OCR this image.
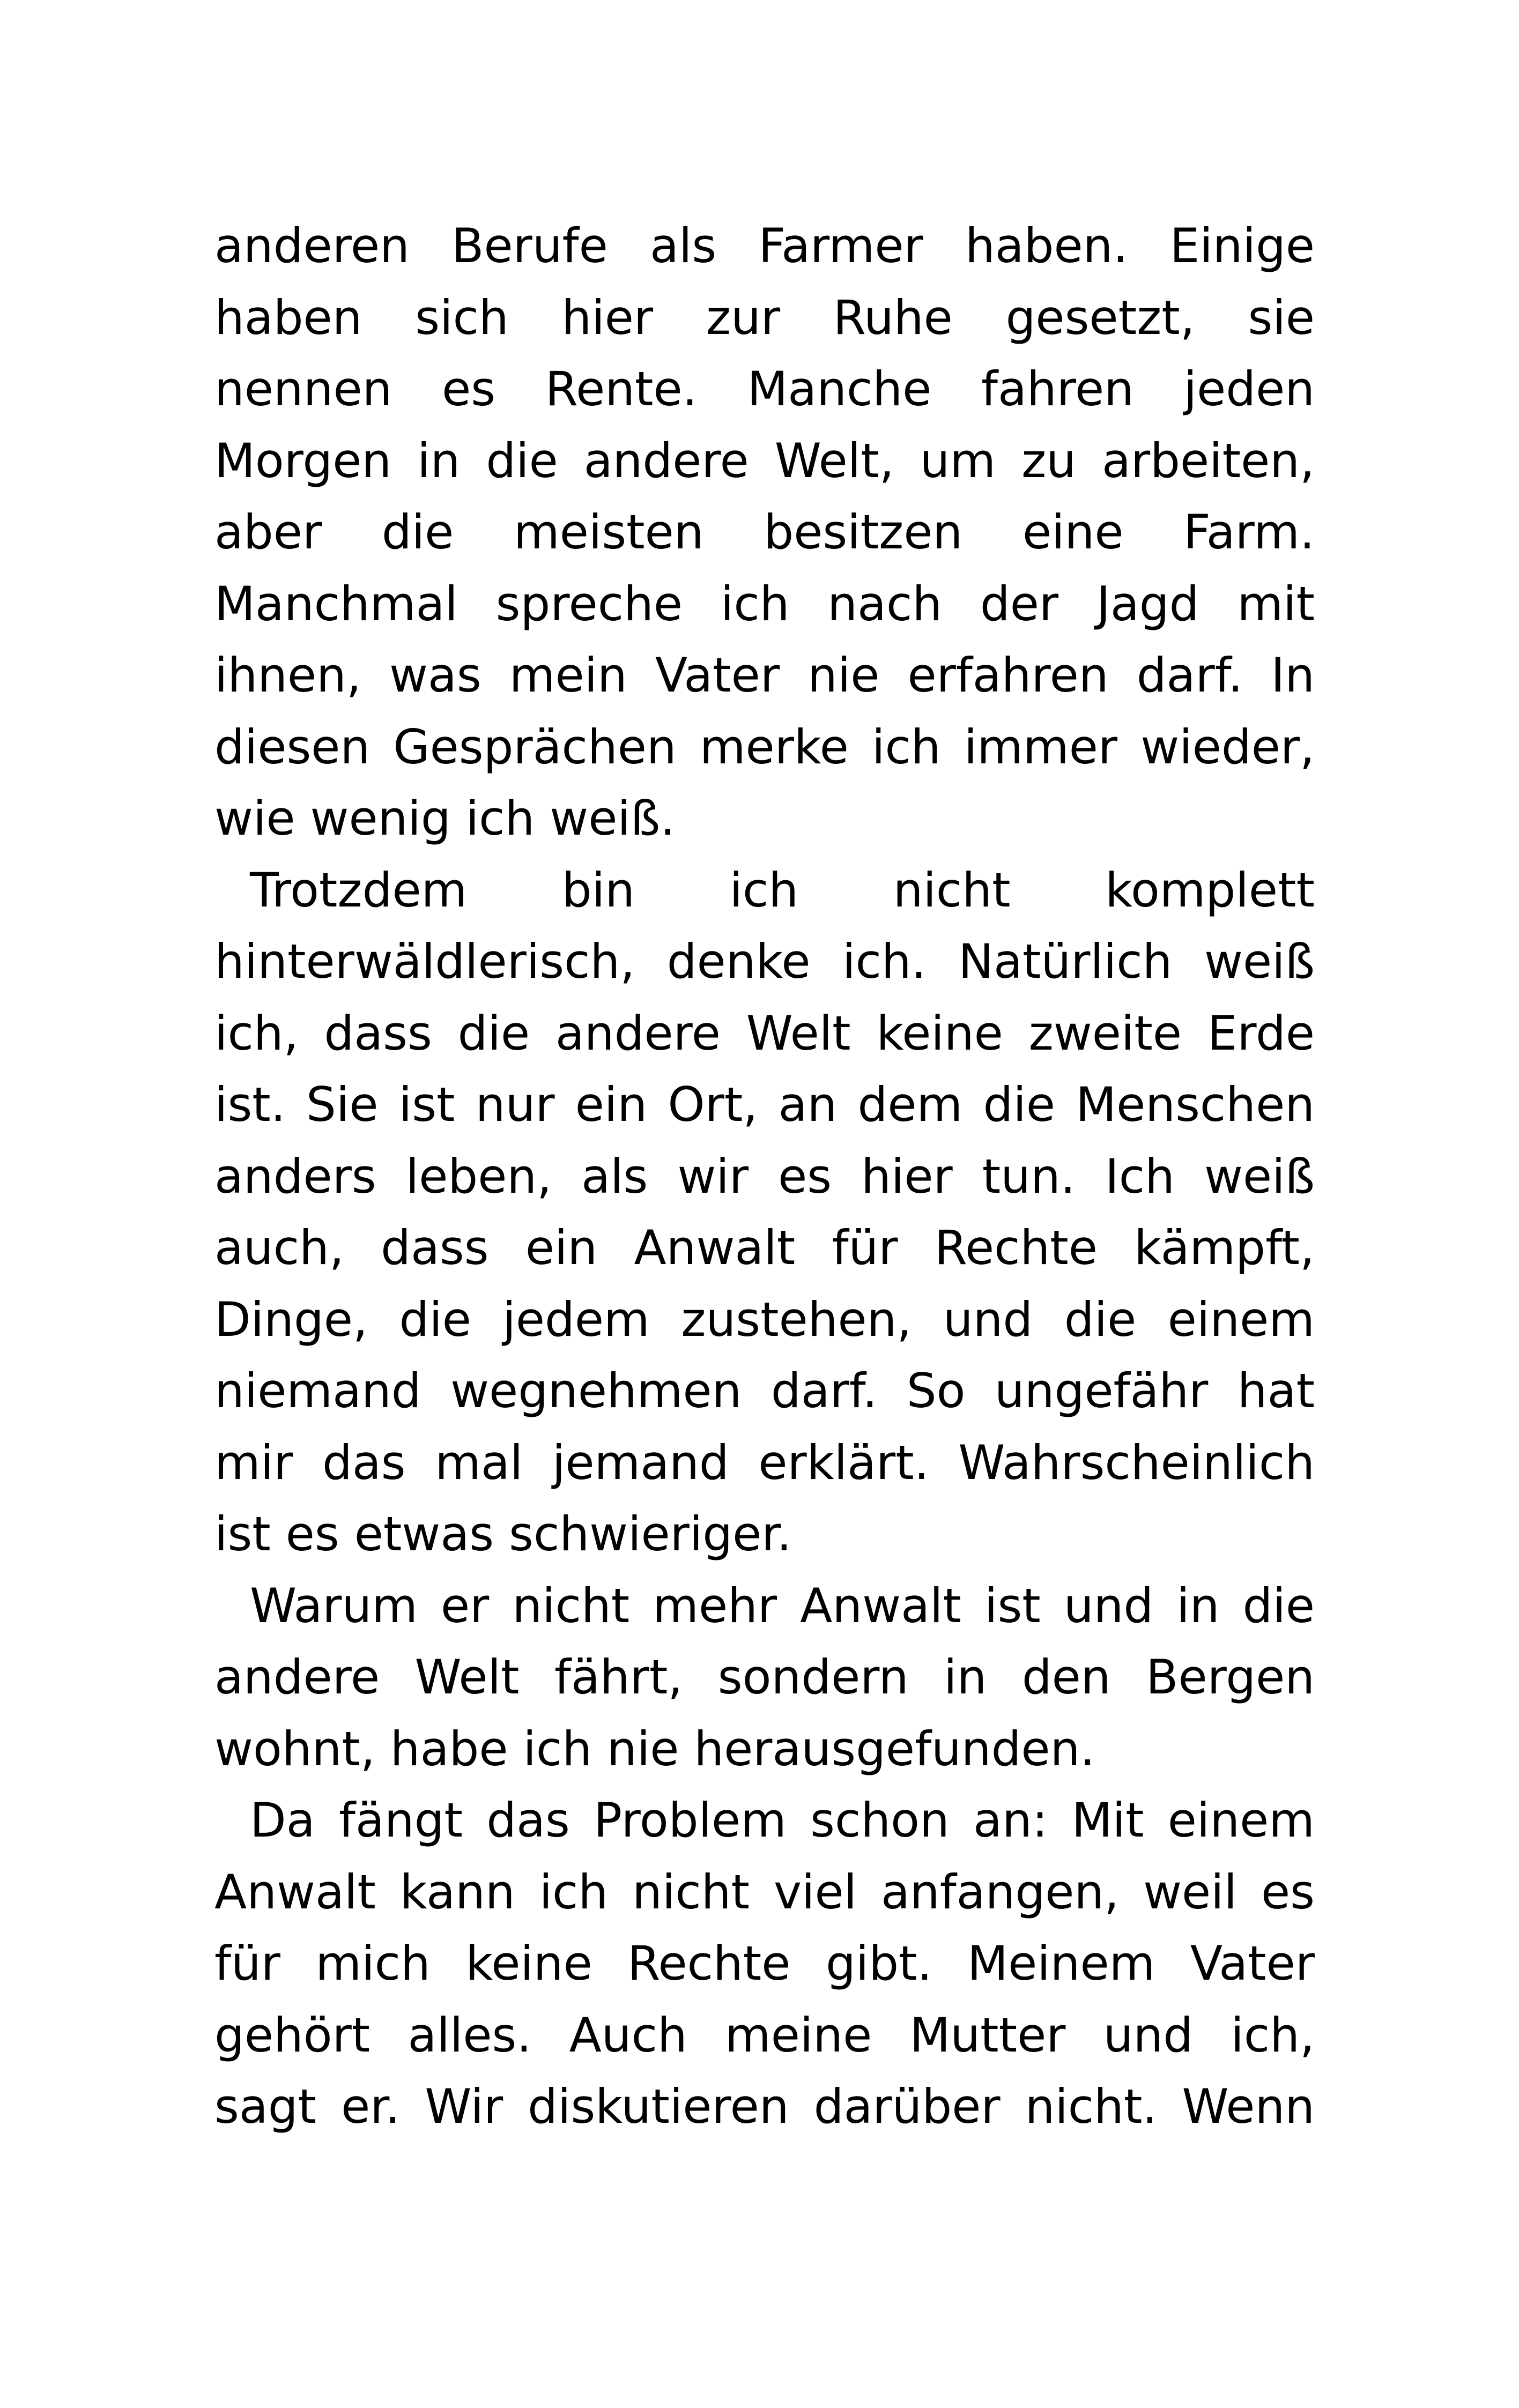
anderen Berufe als Farmer haben. Einige
haben sich hier zur Ruhe gesetzt, sie
nennen es Rente. Manche fahren jeden
Morgen in die andere Welt, um zu arbeiten,
aber die meisten besitzen eine Farm.
Manchmal spreche ich nach der Jagd mit
ihnen, was mein Vater nie erfahren darf. In
diesen Gesprächen merke ich immer wieder,
wie wenig ich weiß.

Trotzdem bin ich nicht komplett
hinterwäldlerisch, denke ich. Natürlich weiß
ich, dass die andere Welt keine zweite Erde
ist. Sie ist nur ein Ort, an dem die Menschen
anders leben, als wir es hier tun. Ich weiß
auch, dass ein Anwalt für Rechte kämpft,
Dinge, die jedem zustehen, und die einem
niemand wegnehmen darf. So ungefähr hat
mir das mal jemand erklärt. Wahrscheinlich
ist es etwas schwieriger.

Warum er nicht mehr Anwalt ist und in die
andere Welt fährt, sondern in den Bergen
wohnt, habe ich nie herausgefunden.

Da fängt das Problem schon an: Mit einem
Anwalt kann ich nicht viel anfangen, weil es
für mich keine Rechte gibt. Meinem Vater
gehört alles. Auch meine Mutter und ich,
sagt er. Wir diskutieren darüber nicht. Wenn
